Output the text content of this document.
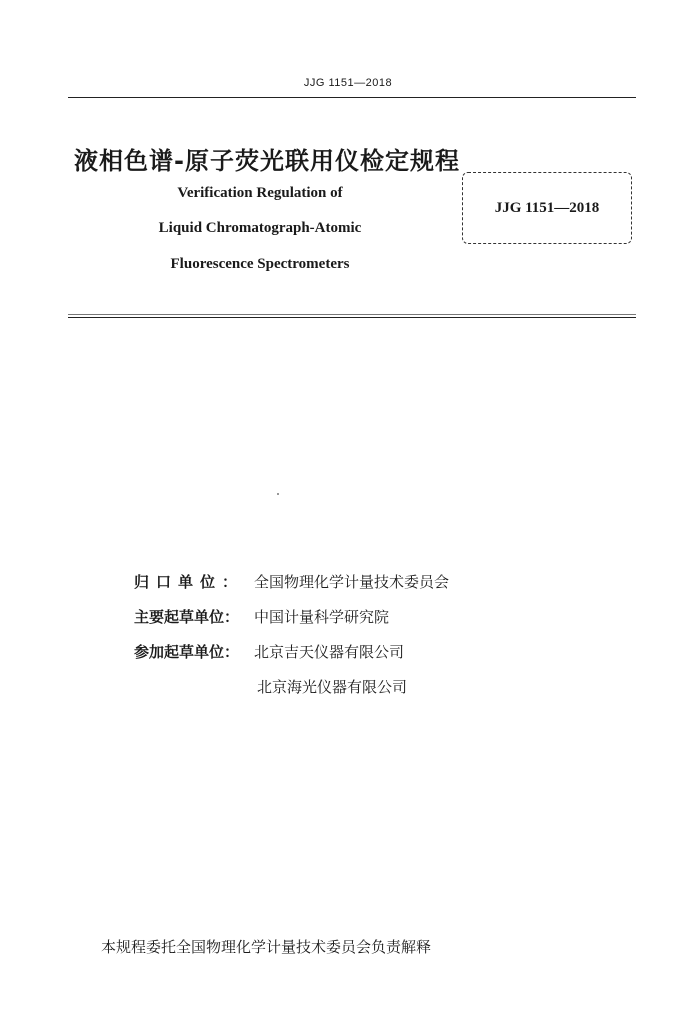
JJG 1151—2018
液相色谱-原子荧光联用仪检定规程
Verification Regulation of
Liquid Chromatograph-Atomic
Fluorescence Spectrometers
JJG 1151—2018
归口单位： 全国物理化学计量技术委员会
主要起草单位： 中国计量科学研究院
参加起草单位： 北京吉天仪器有限公司
北京海光仪器有限公司
本规程委托全国物理化学计量技术委员会负责解释
